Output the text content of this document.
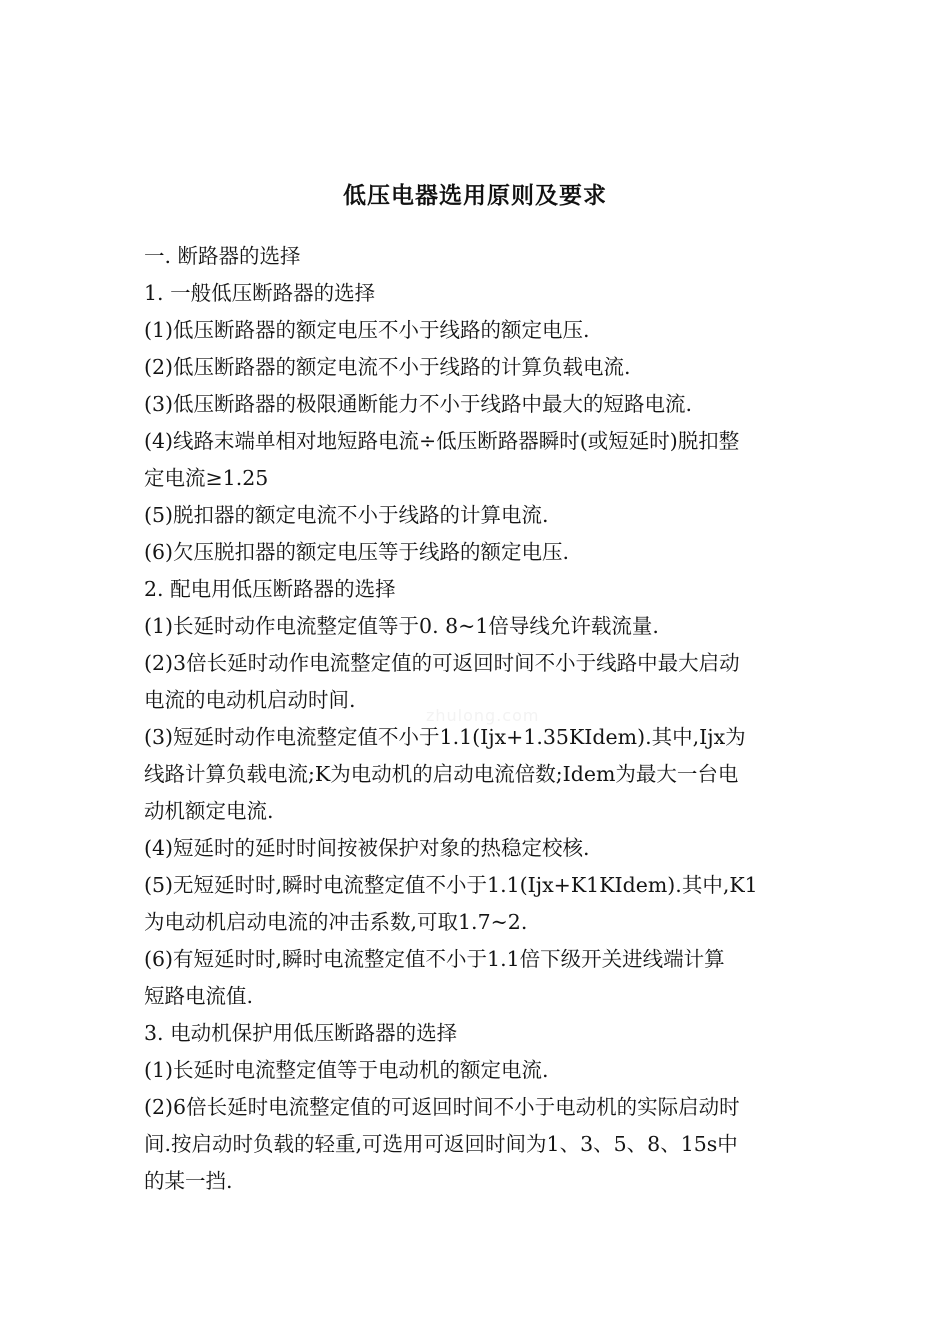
低压电器选用原则及要求
zhulong.com
一. 断路器的选择
1. 一般低压断路器的选择
(1)低压断路器的额定电压不小于线路的额定电压.
(2)低压断路器的额定电流不小于线路的计算负载电流.
(3)低压断路器的极限通断能力不小于线路中最大的短路电流.
(4)线路末端单相对地短路电流÷低压断路器瞬时(或短延时)脱扣整
定电流≥1.25
(5)脱扣器的额定电流不小于线路的计算电流.
(6)欠压脱扣器的额定电压等于线路的额定电压.
2. 配电用低压断路器的选择
(1)长延时动作电流整定值等于0. 8~1倍导线允许载流量.
(2)3倍长延时动作电流整定值的可返回时间不小于线路中最大启动
电流的电动机启动时间.
(3)短延时动作电流整定值不小于1.1(Ijx+1.35KIdem).其中,Ijx为
线路计算负载电流;K为电动机的启动电流倍数;Idem为最大一台电
动机额定电流.
(4)短延时的延时时间按被保护对象的热稳定校核.
(5)无短延时时,瞬时电流整定值不小于1.1(Ijx+K1KIdem).其中,K1
为电动机启动电流的冲击系数,可取1.7~2.
(6)有短延时时,瞬时电流整定值不小于1.1倍下级开关进线端计算
短路电流值.
3. 电动机保护用低压断路器的选择
(1)长延时电流整定值等于电动机的额定电流.
(2)6倍长延时电流整定值的可返回时间不小于电动机的实际启动时
间.按启动时负载的轻重,可选用可返回时间为1、3、5、8、15s中
的某一挡.
